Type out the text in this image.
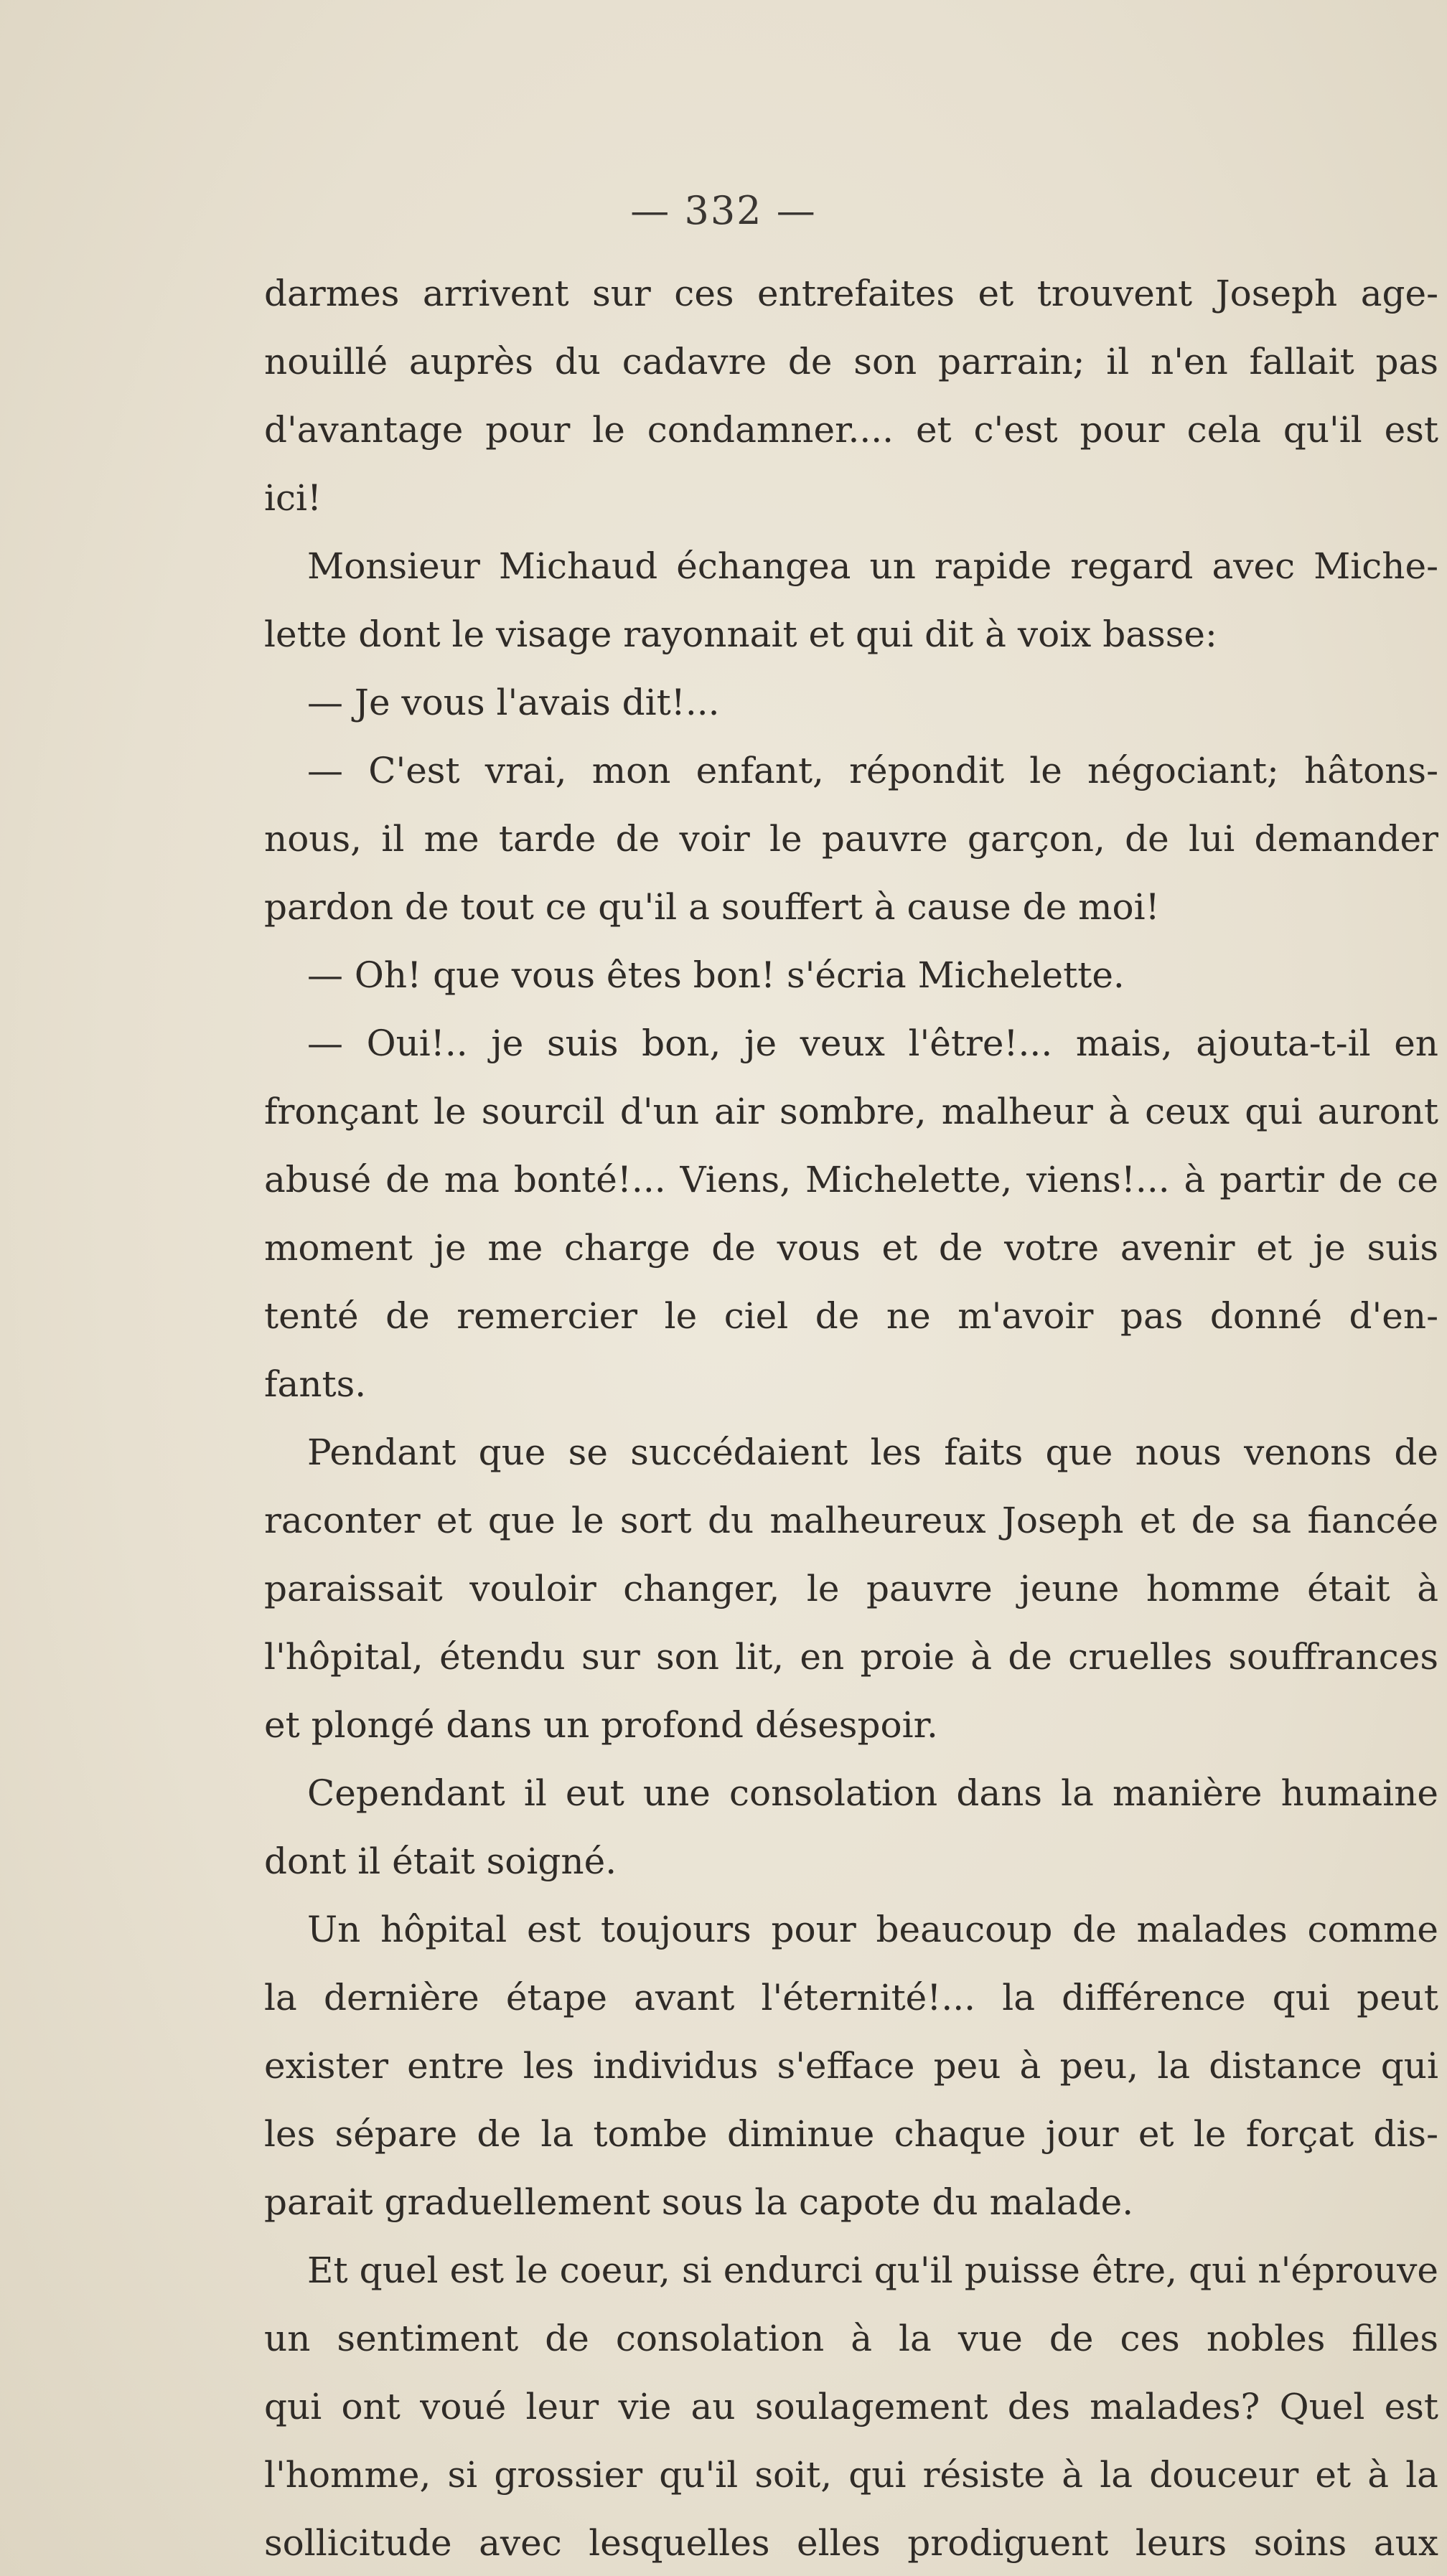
— 332 —
darmes arrivent sur ces entrefaites et trouvent Joseph age-
nouillé auprès du cadavre de son parrain; il n'en fallait pas
d'avantage pour le condamner.... et c'est pour cela qu'il est
ici!
Monsieur Michaud échangea un rapide regard avec Miche-
lette dont le visage rayonnait et qui dit à voix basse:
— Je vous l'avais dit!...
— C'est vrai, mon enfant, répondit le négociant; hâtons-
nous, il me tarde de voir le pauvre garçon, de lui demander
pardon de tout ce qu'il a souffert à cause de moi!
— Oh! que vous êtes bon! s'écria Michelette.
— Oui!.. je suis bon, je veux l'être!... mais, ajouta-t-il en
fronçant le sourcil d'un air sombre, malheur à ceux qui auront
abusé de ma bonté!... Viens, Michelette, viens!... à partir de ce
moment je me charge de vous et de votre avenir et je suis
tenté de remercier le ciel de ne m'avoir pas donné d'en-
fants.
Pendant que se succédaient les faits que nous venons de
raconter et que le sort du malheureux Joseph et de sa fiancée
paraissait vouloir changer, le pauvre jeune homme était à
l'hôpital, étendu sur son lit, en proie à de cruelles souffrances
et plongé dans un profond désespoir.
Cependant il eut une consolation dans la manière humaine
dont il était soigné.
Un hôpital est toujours pour beaucoup de malades comme
la dernière étape avant l'éternité!... la différence qui peut
exister entre les individus s'efface peu à peu, la distance qui
les sépare de la tombe diminue chaque jour et le forçat dis-
parait graduellement sous la capote du malade.
Et quel est le coeur, si endurci qu'il puisse être, qui n'éprouve
un sentiment de consolation à la vue de ces nobles filles
qui ont voué leur vie au soulagement des malades? Quel est
l'homme, si grossier qu'il soit, qui résiste à la douceur et à la
sollicitude avec lesquelles elles prodiguent leurs soins aux
